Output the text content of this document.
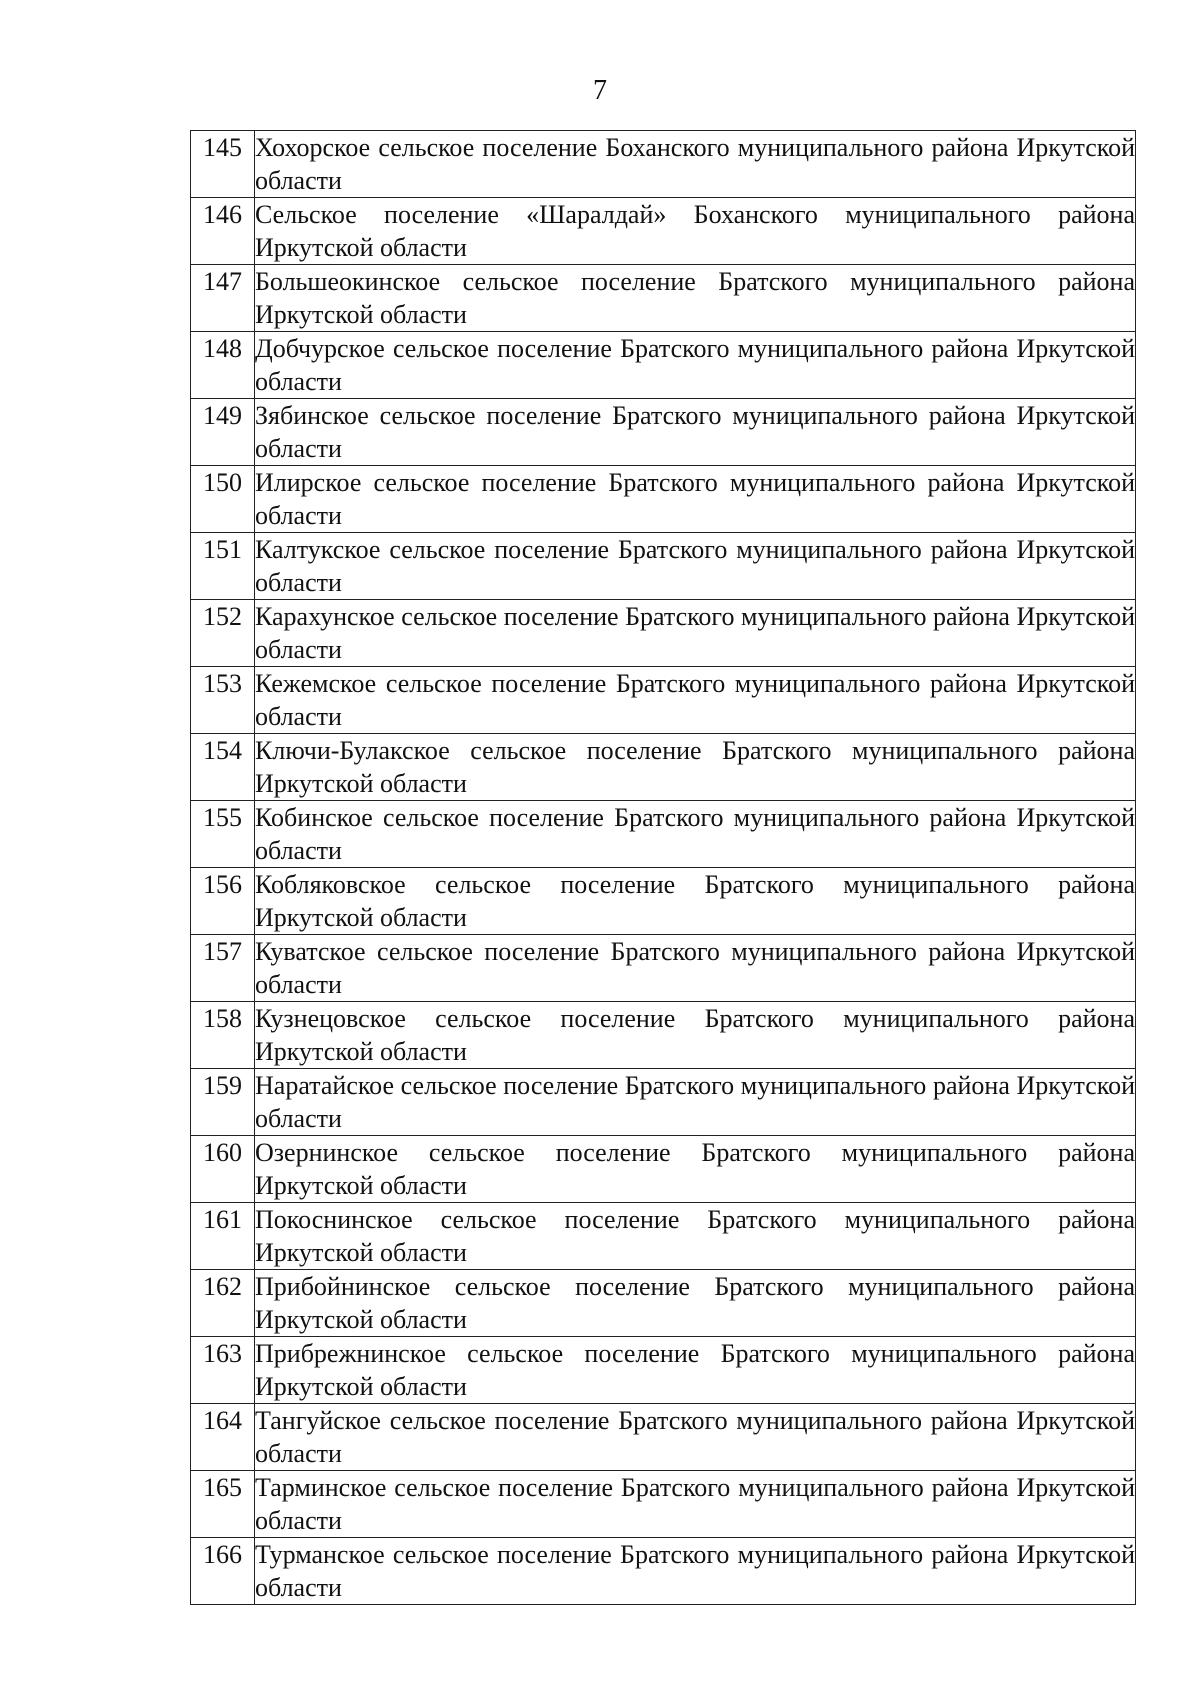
7
145	Хохорское сельское поселение Боханского муниципального района Иркутской области
146	Сельское поселение «Шаралдай» Боханского муниципального района Иркутской области
147	Большеокинское сельское поселение Братского муниципального района Иркутской области
148	Добчурское сельское поселение Братского муниципального района Иркутской области
149	Зябинское сельское поселение Братского муниципального района Иркутской области
150	Илирское сельское поселение Братского муниципального района Иркутской области
151	Калтукское сельское поселение Братского муниципального района Иркутской области
152	Карахунское сельское поселение Братского муниципального района Иркутской области
153	Кежемское сельское поселение Братского муниципального района Иркутской области
154	Ключи-Булакское сельское поселение Братского муниципального района Иркутской области
155	Кобинское сельское поселение Братского муниципального района Иркутской области
156	Кобляковское сельское поселение Братского муниципального района Иркутской области
157	Куватское сельское поселение Братского муниципального района Иркутской области
158	Кузнецовское сельское поселение Братского муниципального района Иркутской области
159	Наратайское сельское поселение Братского муниципального района Иркутской области
160	Озернинское сельское поселение Братского муниципального района Иркутской области
161	Покоснинское сельское поселение Братского муниципального района Иркутской области
162	Прибойнинское сельское поселение Братского муниципального района Иркутской области
163	Прибрежнинское сельское поселение Братского муниципального района Иркутской области
164	Тангуйское сельское поселение Братского муниципального района Иркутской области
165	Тарминское сельское поселение Братского муниципального района Иркутской области
166	Турманское сельское поселение Братского муниципального района Иркутской области
